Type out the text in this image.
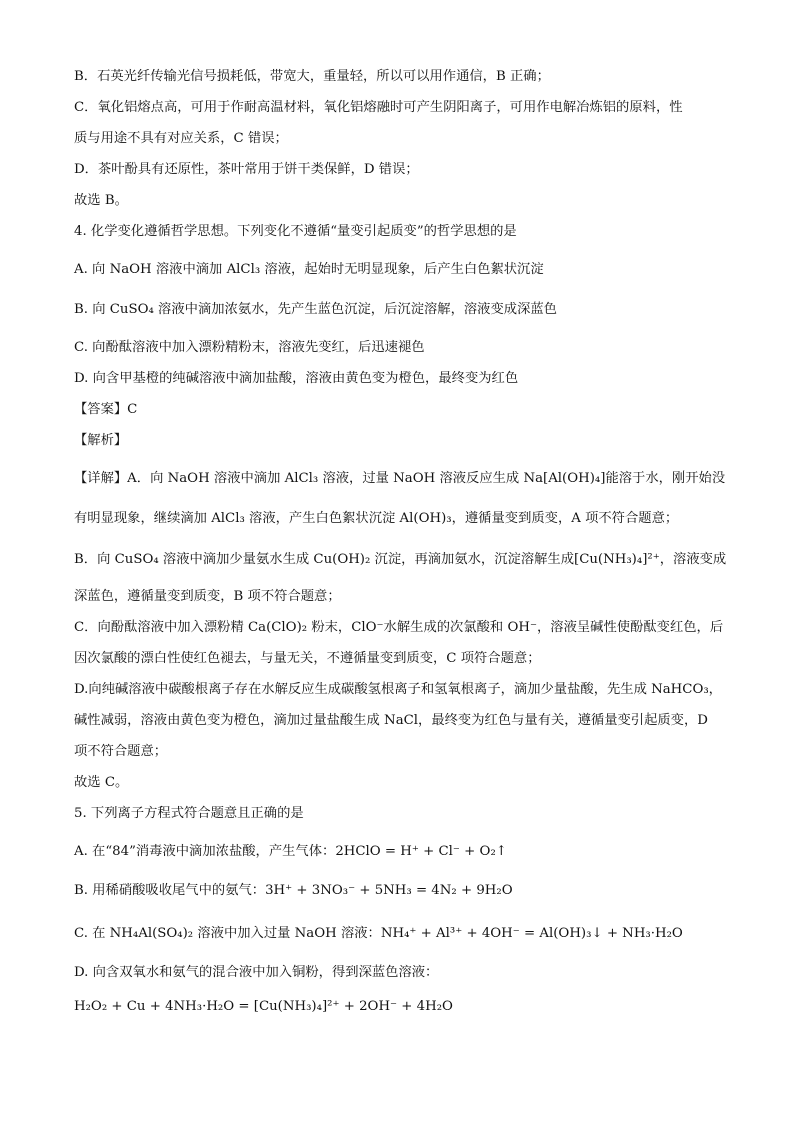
B．石英光纤传输光信号损耗低，带宽大，重量轻，所以可以用作通信，B 正确；
C．氧化铝熔点高，可用于作耐高温材料，氧化铝熔融时可产生阴阳离子，可用作电解冶炼铝的原料，性
质与用途不具有对应关系，C 错误；
D．茶叶酚具有还原性，茶叶常用于饼干类保鲜，D 错误；
故选 B。
4. 化学变化遵循哲学思想。下列变化不遵循“量变引起质变”的哲学思想的是
A. 向 NaOH 溶液中滴加 AlCl₃ 溶液，起始时无明显现象，后产生白色絮状沉淀
B. 向 CuSO₄ 溶液中滴加浓氨水，先产生蓝色沉淀，后沉淀溶解，溶液变成深蓝色
C. 向酚酞溶液中加入漂粉精粉末，溶液先变红，后迅速褪色
D. 向含甲基橙的纯碱溶液中滴加盐酸，溶液由黄色变为橙色，最终变为红色
【答案】C
【解析】
【详解】A．向 NaOH 溶液中滴加 AlCl₃ 溶液，过量 NaOH 溶液反应生成 Na[Al(OH)₄]能溶于水，刚开始没
有明显现象，继续滴加 AlCl₃ 溶液，产生白色絮状沉淀 Al(OH)₃，遵循量变到质变，A 项不符合题意；
B．向 CuSO₄ 溶液中滴加少量氨水生成 Cu(OH)₂ 沉淀，再滴加氨水，沉淀溶解生成[Cu(NH₃)₄]²⁺，溶液变成
深蓝色，遵循量变到质变，B 项不符合题意；
C．向酚酞溶液中加入漂粉精 Ca(ClO)₂ 粉末，ClO⁻水解生成的次氯酸和 OH⁻，溶液呈碱性使酚酞变红色，后
因次氯酸的漂白性使红色褪去，与量无关，不遵循量变到质变，C 项符合题意；
D.向纯碱溶液中碳酸根离子存在水解反应生成碳酸氢根离子和氢氧根离子，滴加少量盐酸，先生成 NaHCO₃，
碱性减弱，溶液由黄色变为橙色，滴加过量盐酸生成 NaCl，最终变为红色与量有关，遵循量变引起质变，D
项不符合题意；
故选 C。
5. 下列离子方程式符合题意且正确的是
A. 在“84”消毒液中滴加浓盐酸，产生气体：2HClO = H⁺ + Cl⁻ + O₂↑
B. 用稀硝酸吸收尾气中的氨气：3H⁺ + 3NO₃⁻ + 5NH₃ = 4N₂ + 9H₂O
C. 在 NH₄Al(SO₄)₂ 溶液中加入过量 NaOH 溶液：NH₄⁺ + Al³⁺ + 4OH⁻ = Al(OH)₃↓ + NH₃·H₂O
D. 向含双氧水和氨气的混合液中加入铜粉，得到深蓝色溶液：
H₂O₂ + Cu + 4NH₃·H₂O = [Cu(NH₃)₄]²⁺ + 2OH⁻ + 4H₂O
